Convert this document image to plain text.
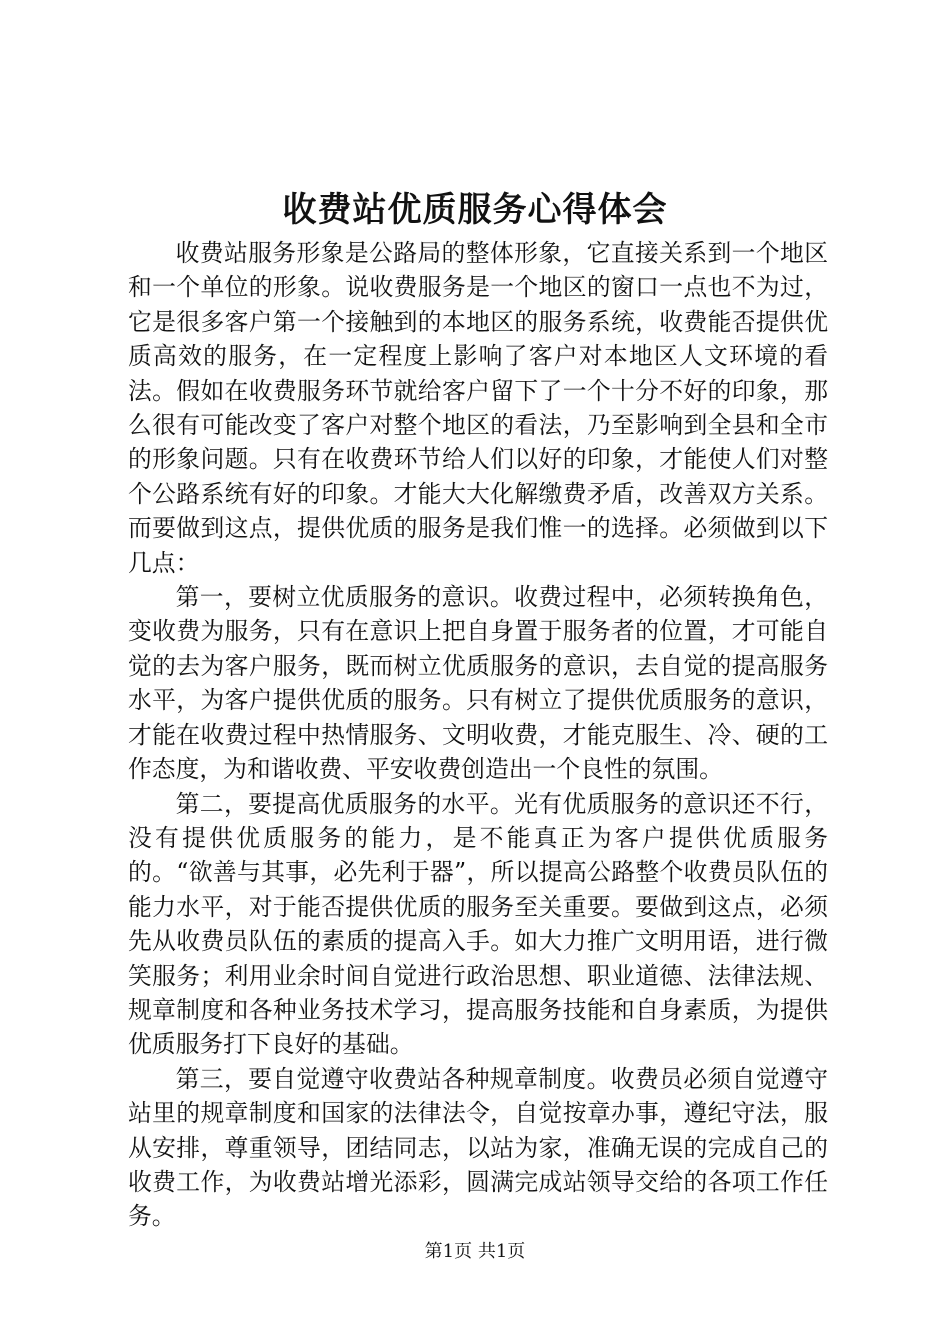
收费站优质服务心得体会

收费站服务形象是公路局的整体形象，它直接关系到一个地区和一个单位的形象。说收费服务是一个地区的窗口一点也不为过，它是很多客户第一个接触到的本地区的服务系统，收费能否提供优质高效的服务，在一定程度上影响了客户对本地区人文环境的看法。假如在收费服务环节就给客户留下了一个十分不好的印象，那么很有可能改变了客户对整个地区的看法，乃至影响到全县和全市的形象问题。只有在收费环节给人们以好的印象，才能使人们对整个公路系统有好的印象。才能大大化解缴费矛盾，改善双方关系。而要做到这点，提供优质的服务是我们惟一的选择。必须做到以下几点：

第一，要树立优质服务的意识。收费过程中，必须转换角色，变收费为服务，只有在意识上把自身置于服务者的位置，才可能自觉的去为客户服务，既而树立优质服务的意识，去自觉的提高服务水平，为客户提供优质的服务。只有树立了提供优质服务的意识，才能在收费过程中热情服务、文明收费，才能克服生、冷、硬的工作态度，为和谐收费、平安收费创造出一个良性的氛围。

第二，要提高优质服务的水平。光有优质服务的意识还不行，没有提供优质服务的能力，是不能真正为客户提供优质服务的。“欲善与其事，必先利于器”，所以提高公路整个收费员队伍的能力水平，对于能否提供优质的服务至关重要。要做到这点，必须先从收费员队伍的素质的提高入手。如大力推广文明用语，进行微笑服务；利用业余时间自觉进行政治思想、职业道德、法律法规、规章制度和各种业务技术学习，提高服务技能和自身素质，为提供优质服务打下良好的基础。

第三，要自觉遵守收费站各种规章制度。收费员必须自觉遵守站里的规章制度和国家的法律法令，自觉按章办事，遵纪守法，服从安排，尊重领导，团结同志，以站为家，准确无误的完成自己的收费工作，为收费站增光添彩，圆满完成站领导交给的各项工作任务。

第1页 共1页
